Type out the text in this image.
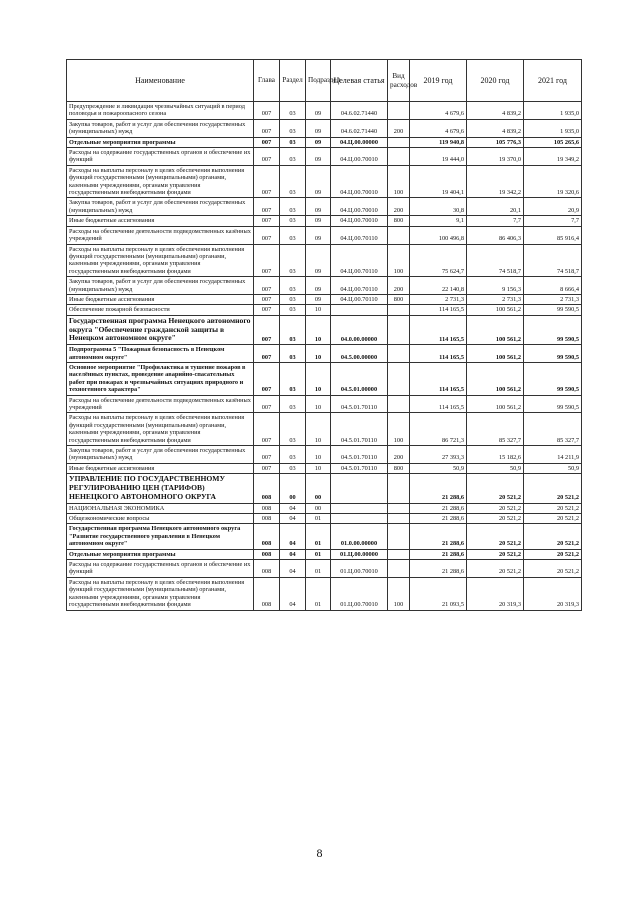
Наименование	Глава	Раздел	Подраздел	Целевая статья	Вид расходов	2019 год	2020 год	2021 год
Предупреждение и ликвидация чрезвычайных ситуаций в период половодья и пожароопасного сезона	007	03	09	04.6.02.71440		4 679,6	4 839,2	1 935,0
Закупка товаров, работ и услуг для обеспечения государственных (муниципальных) нужд	007	03	09	04.6.02.71440	200	4 679,6	4 839,2	1 935,0
Отдельные мероприятия программы	007	03	09	04.Ц.00.00000		119 940,8	105 776,3	105 265,6
Расходы на содержание государственных органов и обеспечение их функций	007	03	09	04.Ц.00.70010		19 444,0	19 370,0	19 349,2
Расходы на выплаты персоналу в целях обеспечения выполнения функций государственными (муниципальными) органами, казенными учреждениями, органами управления государственными внебюджетными фондами	007	03	09	04.Ц.00.70010	100	19 404,1	19 342,2	19 320,6
Закупка товаров, работ и услуг для обеспечения государственных (муниципальных) нужд	007	03	09	04.Ц.00.70010	200	30,8	20,1	20,9
Иные бюджетные ассигнования	007	03	09	04.Ц.00.70010	800	9,1	7,7	7,7
Расходы на обеспечение деятельности подведомственных казённых учреждений	007	03	09	04.Ц.00.70110		100 496,8	86 406,3	85 916,4
Расходы на выплаты персоналу в целях обеспечения выполнения функций государственными (муниципальными) органами, казенными учреждениями, органами управления государственными внебюджетными фондами	007	03	09	04.Ц.00.70110	100	75 624,7	74 518,7	74 518,7
Закупка товаров, работ и услуг для обеспечения государственных (муниципальных) нужд	007	03	09	04.Ц.00.70110	200	22 140,8	9 156,3	8 666,4
Иные бюджетные ассигнования	007	03	09	04.Ц.00.70110	800	2 731,3	2 731,3	2 731,3
Обеспечение пожарной безопасности	007	03	10			114 165,5	100 561,2	99 590,5
Государственная программа Ненецкого автономного округа "Обеспечение гражданской защиты в Ненецком автономном округе"	007	03	10	04.0.00.00000		114 165,5	100 561,2	99 590,5
Подпрограмма 5 "Пожарная безопасность в Ненецком автономном округе"	007	03	10	04.5.00.00000		114 165,5	100 561,2	99 590,5
Основное мероприятие "Профилактика и тушение пожаров в населённых пунктах, проведение аварийно-спасательных работ при пожарах и чрезвычайных ситуациях природного и техногенного характера"	007	03	10	04.5.01.00000		114 165,5	100 561,2	99 590,5
Расходы на обеспечение деятельности подведомственных казённых учреждений	007	03	10	04.5.01.70110		114 165,5	100 561,2	99 590,5
Расходы на выплаты персоналу в целях обеспечения выполнения функций государственными (муниципальными) органами, казенными учреждениями, органами управления государственными внебюджетными фондами	007	03	10	04.5.01.70110	100	86 721,3	85 327,7	85 327,7
Закупка товаров, работ и услуг для обеспечения государственных (муниципальных) нужд	007	03	10	04.5.01.70110	200	27 393,3	15 182,6	14 211,9
Иные бюджетные ассигнования	007	03	10	04.5.01.70110	800	50,9	50,9	50,9
УПРАВЛЕНИЕ ПО ГОСУДАРСТВЕННОМУ РЕГУЛИРОВАНИЮ ЦЕН (ТАРИФОВ) НЕНЕЦКОГО АВТОНОМНОГО ОКРУГА	008	00	00			21 288,6	20 521,2	20 521,2
НАЦИОНАЛЬНАЯ ЭКОНОМИКА	008	04	00			21 288,6	20 521,2	20 521,2
Общеэкономические вопросы	008	04	01			21 288,6	20 521,2	20 521,2
Государственная программа Ненецкого автономного округа "Развитие государственного управления в Ненецком автономном округе"	008	04	01	01.0.00.00000		21 288,6	20 521,2	20 521,2
Отдельные мероприятия программы	008	04	01	01.Ц.00.00000		21 288,6	20 521,2	20 521,2
Расходы на содержание государственных органов и обеспечение их функций	008	04	01	01.Ц.00.70010		21 288,6	20 521,2	20 521,2
Расходы на выплаты персоналу в целях обеспечения выполнения функций государственными (муниципальными) органами, казенными учреждениями, органами управления государственными внебюджетными фондами	008	04	01	01.Ц.00.70010	100	21 093,5	20 319,3	20 319,3
8
